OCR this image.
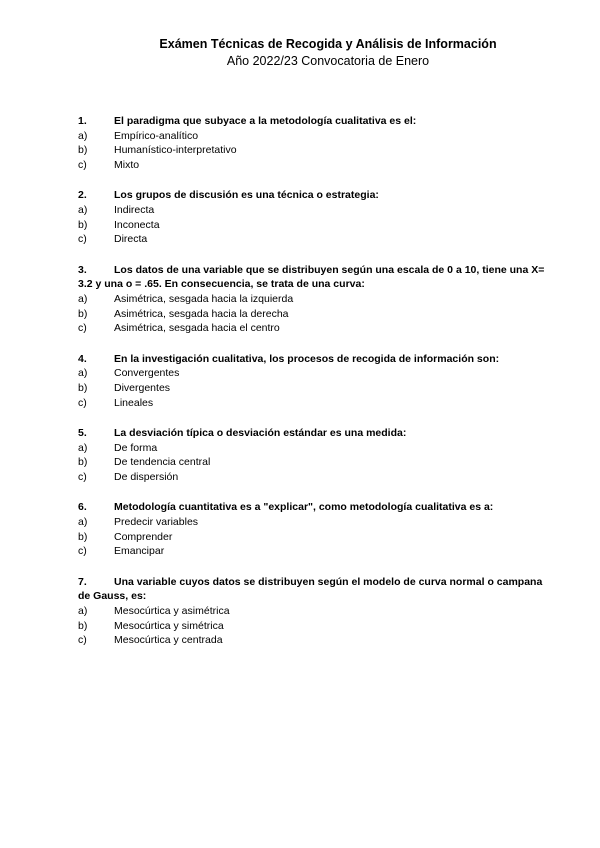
Exámen Técnicas de Recogida y Análisis de Información
Año 2022/23 Convocatoria de Enero
1.	El paradigma que subyace a la metodología cualitativa es el:
a)	Empírico-analítico
b)	Humanístico-interpretativo
c)	Mixto
2.	Los grupos de discusión es una técnica o estrategia:
a)	Indirecta
b)	Inconecta
c)	Directa
3.	Los datos de una variable que se distribuyen según una escala de 0 a 10, tiene una X= 3.2 y una o = .65. En consecuencia, se trata de una curva:
a)	Asimétrica, sesgada hacia la izquierda
b)	Asimétrica, sesgada hacia la derecha
c)	Asimétrica, sesgada hacia el centro
4.	En la investigación cualitativa, los procesos de recogida de información son:
a)	Convergentes
b)	Divergentes
c)	Lineales
5.	La desviación típica o desviación estándar es una medida:
a)	De forma
b)	De tendencia central
c)	De dispersión
6.	Metodología cuantitativa es a "explicar", como metodología cualitativa es a:
a)	Predecir variables
b)	Comprender
c)	Emancipar
7.	Una variable cuyos datos se distribuyen según el modelo de curva normal o campana de Gauss, es:
a)	Mesocúrtica y asimétrica
b)	Mesocúrtica y simétrica
c)	Mesocúrtica y centrada
